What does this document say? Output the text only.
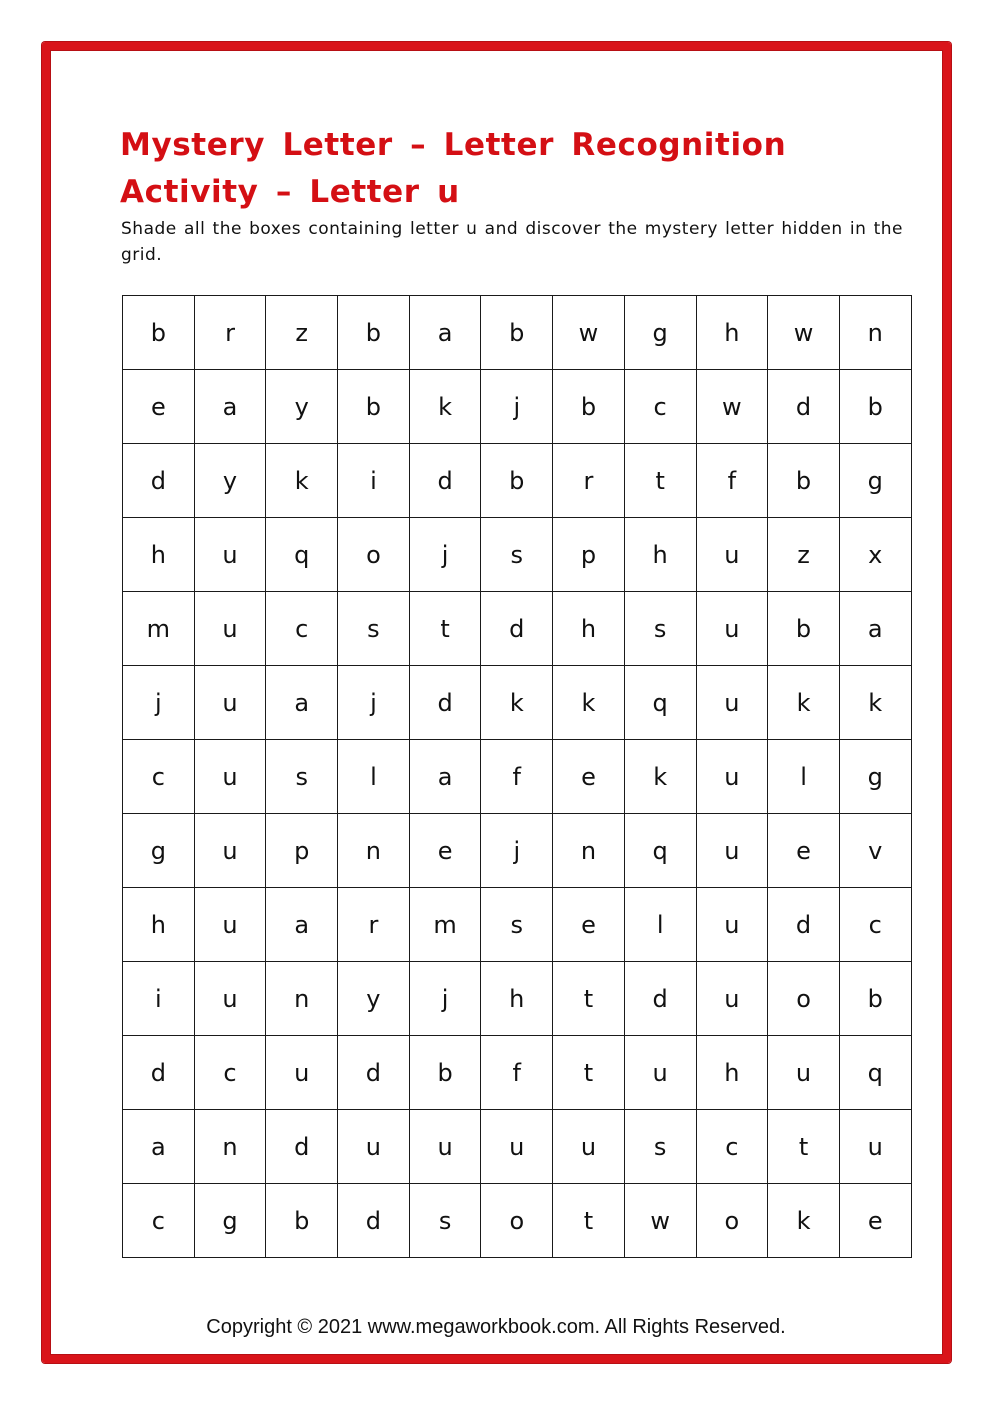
Mystery Letter – Letter Recognition Activity – Letter u

Shade all the boxes containing letter u and discover the mystery letter hidden in the grid.

b	r	z	b	a	b	w	g	h	w	n
e	a	y	b	k	j	b	c	w	d	b
d	y	k	i	d	b	r	t	f	b	g
h	u	q	o	j	s	p	h	u	z	x
m	u	c	s	t	d	h	s	u	b	a
j	u	a	j	d	k	k	q	u	k	k
c	u	s	l	a	f	e	k	u	l	g
g	u	p	n	e	j	n	q	u	e	v
h	u	a	r	m	s	e	l	u	d	c
i	u	n	y	j	h	t	d	u	o	b
d	c	u	d	b	f	t	u	h	u	q
a	n	d	u	u	u	u	s	c	t	u
c	g	b	d	s	o	t	w	o	k	e

Copyright © 2021 www.megaworkbook.com. All Rights Reserved.
